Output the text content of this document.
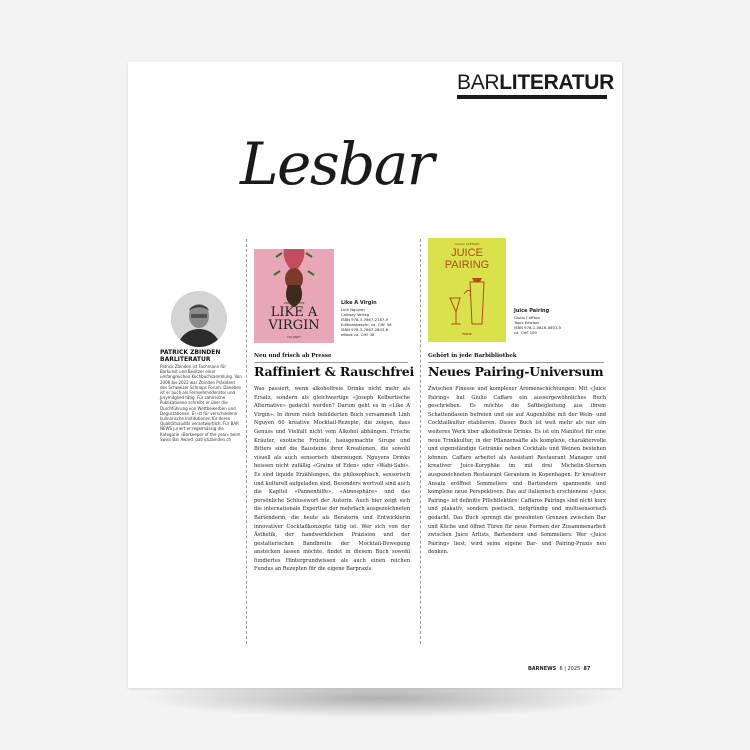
BARLITERATUR
Lesbar
PATRICK ZBINDEN
BARLITERATUR
Patrick Zbinden ist Fachmann für Barkunst und Besitzer einer umfangreichen Kochbuchsammlung. Von 2006 bis 2022 war Zbinden Präsident des Schweizer Schnaps Forum. Daneben ist er auch als Fernsehmoderator und Jurymitglied tätig. Für zahlreiche Publikationen schreibt er über die Durchführung von Wettbewerben und Degustationen. Er ist für verschiedene kulinarische Institutionen für deren Qualitätsaudits verantwortlich. Für BAR NEWS juriert er regelmässig die Kategorie «Barkeeper of the year» beim Swiss Bar Award. patrickzbinden.ch
LINH NGUYEN
LIKE A
VIRGIN
CALLWEY
Like A Virgin
Linh Nguyen
Callwey Verlag
ISBN 978-3-7667-2787-9
Editionsbeschr. ca. CHF 56
ISBN 978-3-7667-2803-6
eBook ca. CHF 38
Neu und frisch ab Presse
Raffiniert & Rauschfrei
Was passiert, wenn alkoholfreie Drinks nicht mehr als Ersatz, sondern als gleichwertige «Joseph Kelbertische Alternative» gedacht werden? Darum geht es in «Like A Virgin». In ihrem reich bebilderten Buch versammelt Linh Nguyen 60 kreative Mocktail-Rezepte, die zeigen, dass Genuss und Vielfalt nicht vom Alkohol abhängen. Frische Kräuter, exotische Früchte, hausgemachte Sirupe und Bitters sind die Bausteine ihrer Kreationen, die sowohl visuell als auch sensorisch überzeugen. Nguyens Drinks heissen nicht zufällig «Grains of Eden» oder «Wabi-Sabi». Es sind liquide Erzählungen, die philosophisch, sensorisch und kulturell aufgeladen sind. Besonders wertvoll sind auch die Kapitel «Pannenhilfe», «Atmosphäre» und das persönliche Schlusswort der Autorin. Auch hier zeigt sich die internationale Expertise der mehrfach ausgezeichneten Bartenderin, die heute als Beraterin und Entwicklerin innovativer Cocktailkonzepte tätig ist. Wer sich von der Ästhetik, der handwerklichen Präzision und der gestalterischen Bandbreite der Mocktail-Bewegung anstecken lassen möchte, findet in diesem Buch sowohl fundiertes Hintergrundwissen als auch einen reichen Fundus an Rezepten für die eigene Barpraxis.
GIULIO CAFFARO
JUICE PAIRING
TOPIC
Juice Pairing
Giulio Caffaro
Topic Edizioni
ISBN 978-1-0816-0801-5
ca. CHF 100
Gehört in jede Barbibliothek
Neues Pairing-Universum
Zwischen Finesse und komplexer Aromenschichtungen: Mit «Juice Pairing» hat Giulio Caffaro ein aussergewöhnliches Buch geschrieben. Es möchte die Saftbegleitung aus ihrem Schattendasein befreien und sie auf Augenhöhe mit der Wein- und Cocktailkultur etablieren. Dieses Buch ist weit mehr als nur ein weiteres Werk über alkoholfreie Drinks. Es ist ein Manifest für eine neue Trinkkultur, in der Pflanzensäfte als komplexe, charaktervolle und eigenständige Getränke neben Cocktails und Weinen bestehen können. Caffaro arbeitet als Assistant Restaurant Manager und kreativer Juice-Koryphäe im mit drei Michelin-Sternen ausgezeichneten Restaurant Geranium in Kopenhagen. Er kreativer Ansatz eröffnet Sommeliers und Bartendern spannende und komplexe neue Perspektiven. Das auf italienisch erschienene «Juice Pairing» ist definitiv Pflichtlektüre: Caffaros Pairings sind nicht kurz und plakativ, sondern poetisch, tiefgründig und multisensorisch gedacht. Das Buch sprengt die gewohnten Grenzen zwischen Bar und Küche und öffnet Türen für neue Formen der Zusammenarbeit zwischen Juice Artists, Bartendern und Sommeliers. Wer «Juice Pairing» liest, wird seine eigene Bar- und Pairing-Praxis neu denken.
BARNEWS 6 | 2025 87
